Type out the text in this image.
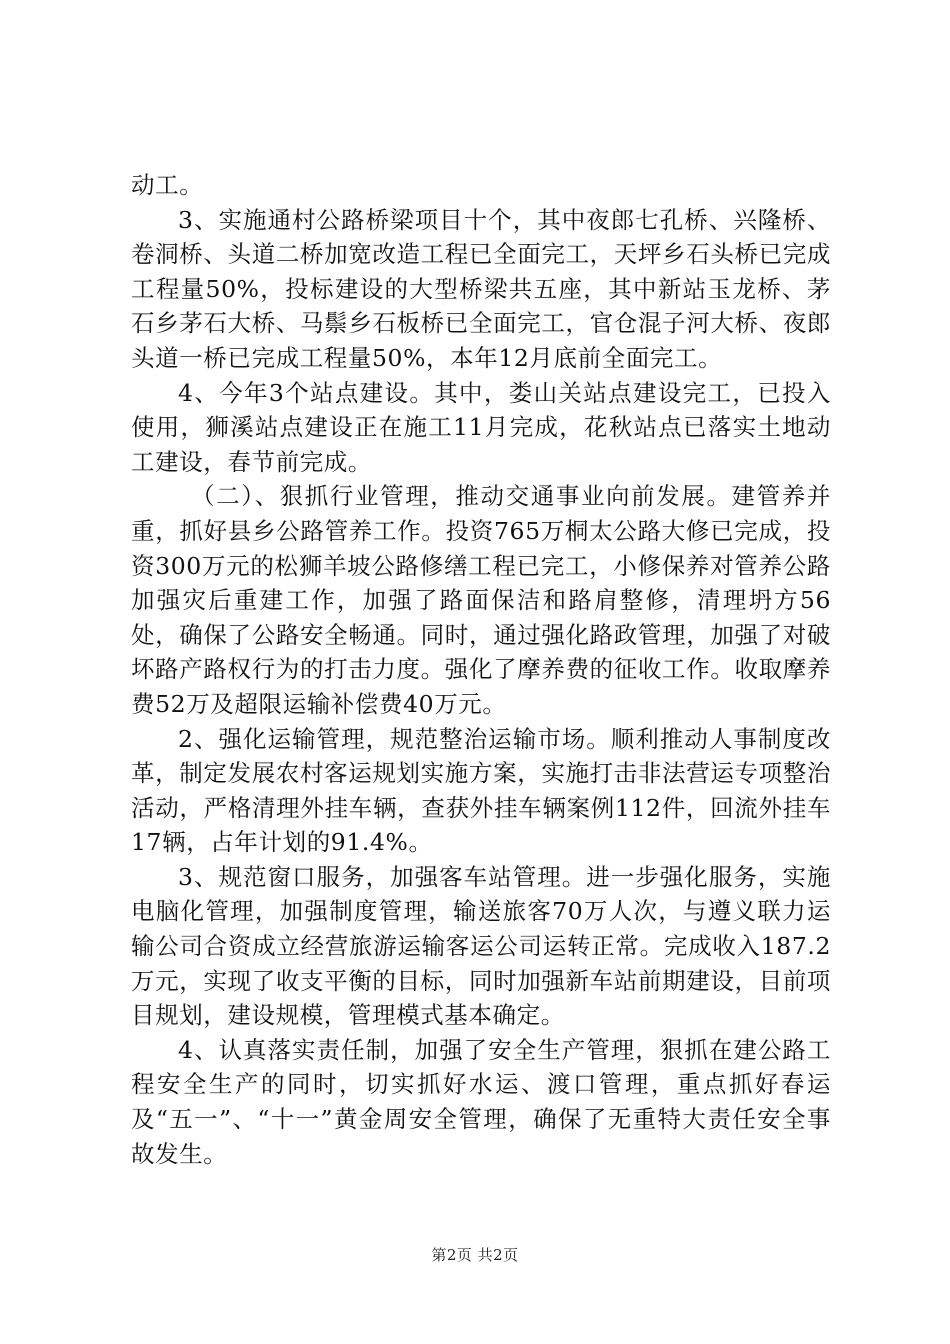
动工。

3、实施通村公路桥梁项目十个，其中夜郎七孔桥、兴隆桥、卷洞桥、头道二桥加宽改造工程已全面完工，天坪乡石头桥已完成工程量50%，投标建设的大型桥梁共五座，其中新站玉龙桥、茅石乡茅石大桥、马鬃乡石板桥已全面完工，官仓混子河大桥、夜郎头道一桥已完成工程量50%，本年12月底前全面完工。

4、今年3个站点建设。其中，娄山关站点建设完工，已投入使用，狮溪站点建设正在施工11月完成，花秋站点已落实土地动工建设，春节前完成。

（二）、狠抓行业管理，推动交通事业向前发展。建管养并重，抓好县乡公路管养工作。投资765万桐太公路大修已完成，投资300万元的松狮羊坡公路修缮工程已完工，小修保养对管养公路加强灾后重建工作，加强了路面保洁和路肩整修，清理坍方56处，确保了公路安全畅通。同时，通过强化路政管理，加强了对破坏路产路权行为的打击力度。强化了摩养费的征收工作。收取摩养费52万及超限运输补偿费40万元。

2、强化运输管理，规范整治运输市场。顺利推动人事制度改革，制定发展农村客运规划实施方案，实施打击非法营运专项整治活动，严格清理外挂车辆，查获外挂车辆案例112件，回流外挂车17辆，占年计划的91.4%。

3、规范窗口服务，加强客车站管理。进一步强化服务，实施电脑化管理，加强制度管理，输送旅客70万人次，与遵义联力运输公司合资成立经营旅游运输客运公司运转正常。完成收入187.2万元，实现了收支平衡的目标，同时加强新车站前期建设，目前项目规划，建设规模，管理模式基本确定。

4、认真落实责任制，加强了安全生产管理，狠抓在建公路工程安全生产的同时，切实抓好水运、渡口管理，重点抓好春运及“五一”、“十一”黄金周安全管理，确保了无重特大责任安全事故发生。

第2页 共2页
